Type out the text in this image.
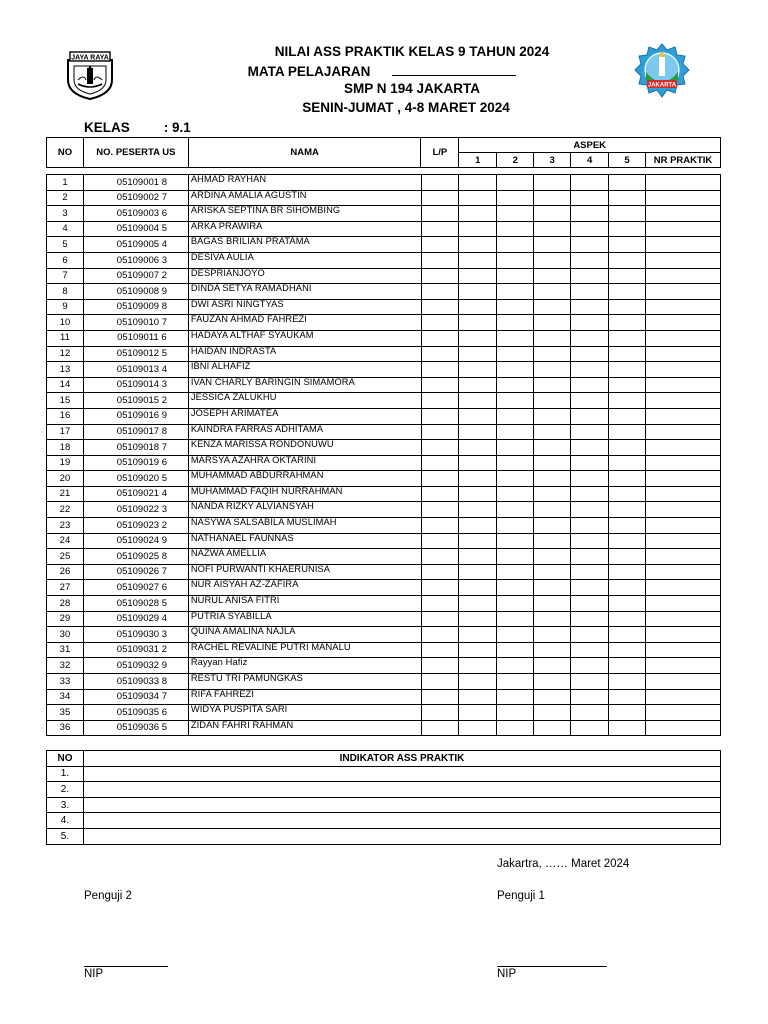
JAYA RAYA
JAKARTA
NILAI ASS PRAKTIK KELAS 9 TAHUN 2024
MATA PELAJARAN
SMP N 194 JAKARTA
SENIN-JUMAT , 4-8 MARET 2024
KELAS	: 9.1
NO	NO. PESERTA US	NAMA	L/P	ASPEK					
				1	2	3	4	5	NR PRAKTIK
1	05109001 8	AHMAD RAYHAN							
2	05109002 7	ARDINA AMALIA AGUSTIN							
3	05109003 6	ARISKA SEPTINA BR SIHOMBING							
4	05109004 5	ARKA PRAWIRA							
5	05109005 4	BAGAS BRILIAN PRATAMA							
6	05109006 3	DESIVA AULIA							
7	05109007 2	DESPRIANJOYO							
8	05109008 9	DINDA SETYA RAMADHANI							
9	05109009 8	DWI ASRI NINGTYAS							
10	05109010 7	FAUZAN AHMAD FAHREZI							
11	05109011 6	HADAYA ALTHAF SYAUKAM							
12	05109012 5	HAIDAN INDRASTA							
13	05109013 4	IBNI ALHAFIZ							
14	05109014 3	IVAN CHARLY BARINGIN SIMAMORA							
15	05109015 2	JESSICA ZALUKHU							
16	05109016 9	JOSEPH ARIMATEA							
17	05109017 8	KAINDRA FARRAS ADHITAMA							
18	05109018 7	KENZA MARISSA RONDONUWU							
19	05109019 6	MARSYA AZAHRA OKTARINI							
20	05109020 5	MUHAMMAD ABDURRAHMAN							
21	05109021 4	MUHAMMAD FAQIH NURRAHMAN							
22	05109022 3	NANDA RIZKY ALVIANSYAH							
23	05109023 2	NASYWA SALSABILA MUSLIMAH							
24	05109024 9	NATHANAEL FAUNNAS							
25	05109025 8	NAZWA AMELLIA							
26	05109026 7	NOFI PURWANTI KHAERUNISA							
27	05109027 6	NUR AISYAH AZ-ZAFIRA							
28	05109028 5	NURUL ANISA FITRI							
29	05109029 4	PUTRIA SYABILLA							
30	05109030 3	QUINA AMALINA NAJLA							
31	05109031 2	RACHEL REVALINE PUTRI MANALU							
32	05109032 9	Rayyan Hafiz							
33	05109033 8	RESTU TRI PAMUNGKAS							
34	05109034 7	RIFA FAHREZI							
35	05109035 6	WIDYA PUSPITA SARI							
36	05109036 5	ZIDAN FAHRI RAHMAN							
NO	INDIKATOR ASS PRAKTIK
1.	
2.	
3.	
4.	
5.	
Jakartra, …… Maret 2024
Penguji 2	Penguji 1
NIP	NIP
